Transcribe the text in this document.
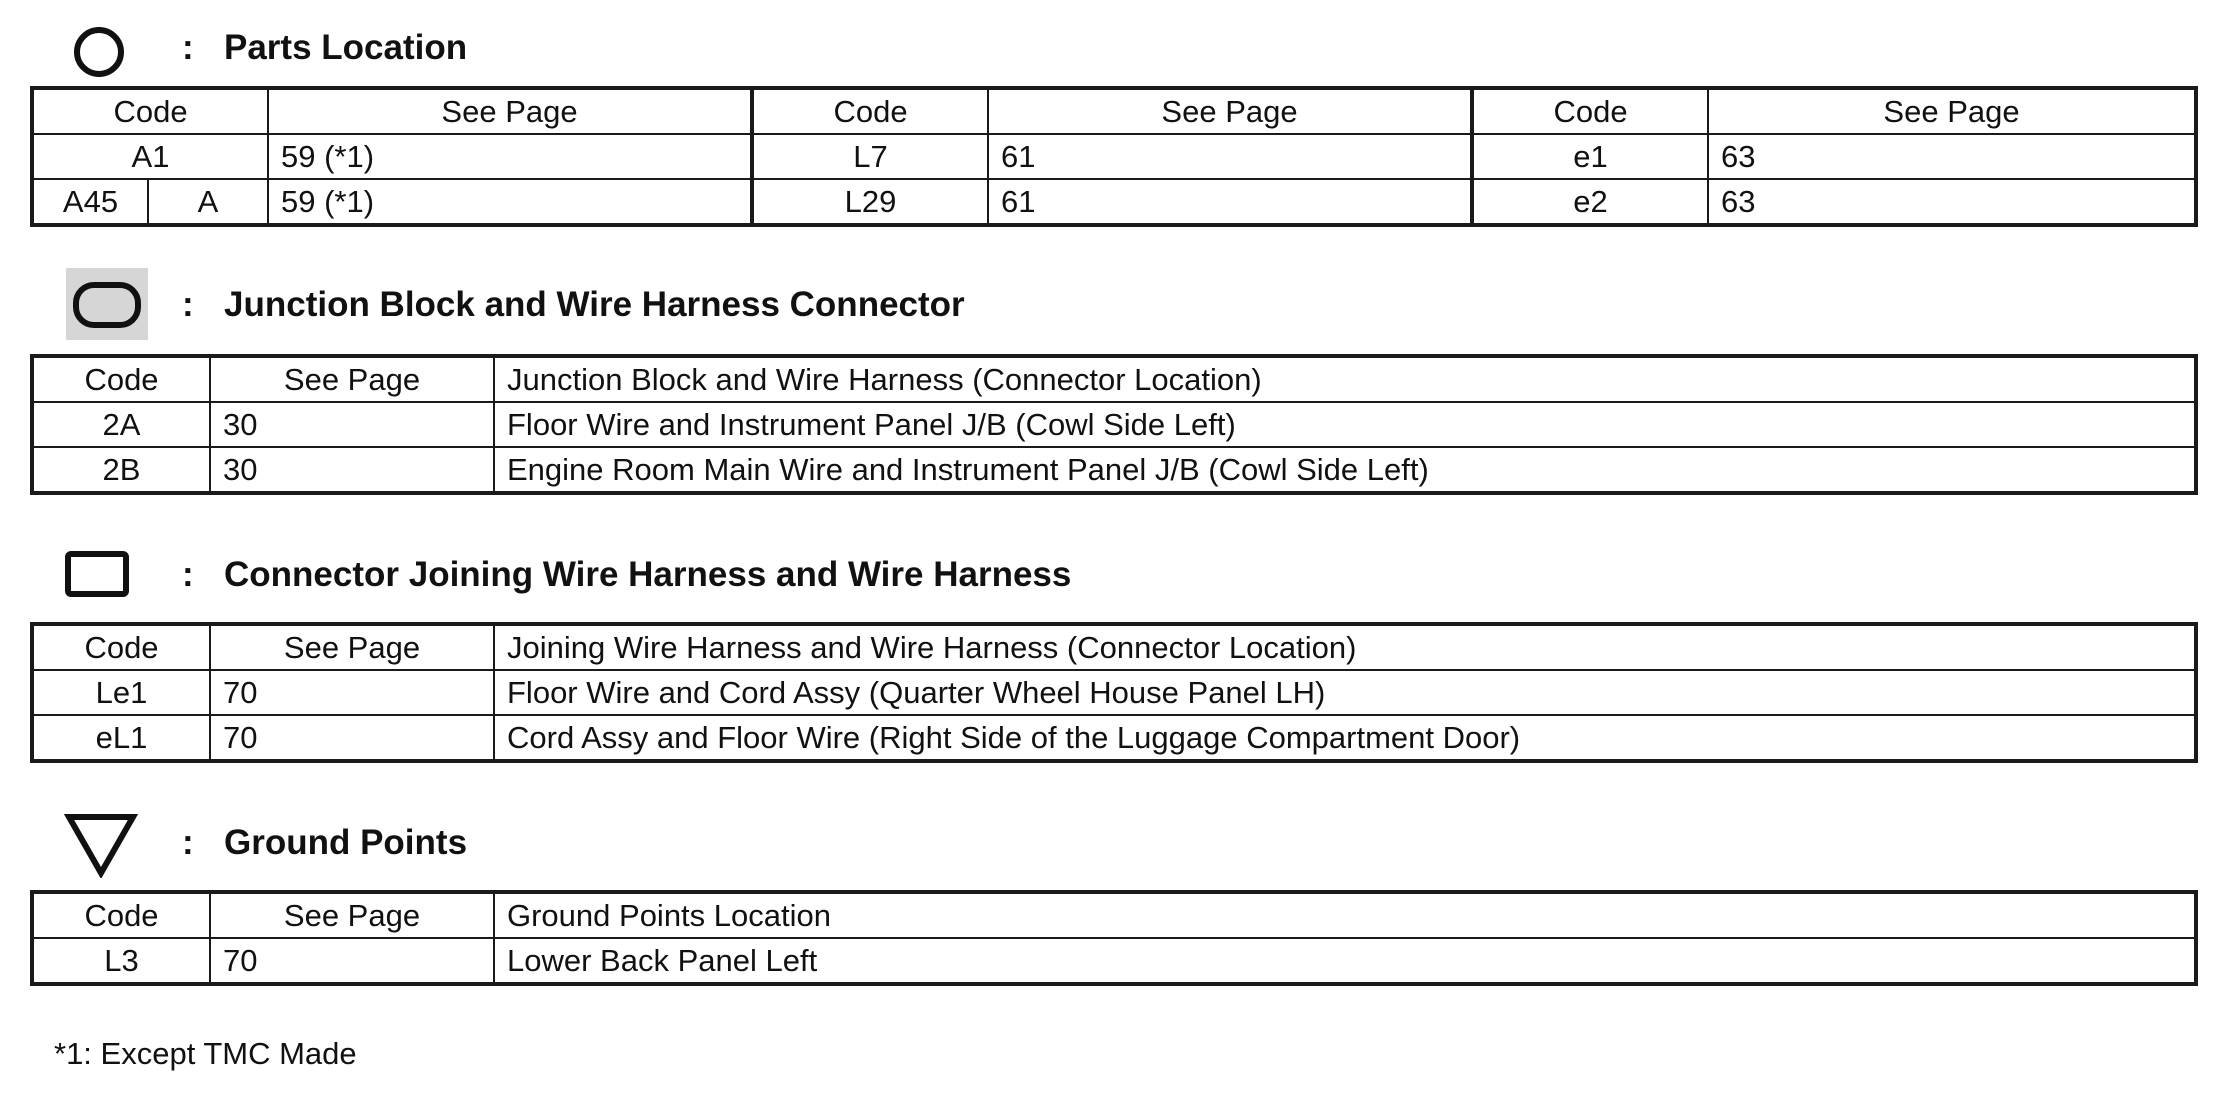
: Parts Location
Code		See Page	Code	See Page	Code	See Page
A1		59 (*1)	L7	61	e1	63
A45	A	59 (*1)	L29	61	e2	63
: Junction Block and Wire Harness Connector
Code	See Page	Junction Block and Wire Harness (Connector Location)
2A	30	Floor Wire and Instrument Panel J/B (Cowl Side Left)
2B	30	Engine Room Main Wire and Instrument Panel J/B (Cowl Side Left)
: Connector Joining Wire Harness and Wire Harness
Code	See Page	Joining Wire Harness and Wire Harness (Connector Location)
Le1	70	Floor Wire and Cord Assy (Quarter Wheel House Panel LH)
eL1	70	Cord Assy and Floor Wire (Right Side of the Luggage Compartment Door)
: Ground Points
Code	See Page	Ground Points Location
L3	70	Lower Back Panel Left
*1: Except TMC Made
